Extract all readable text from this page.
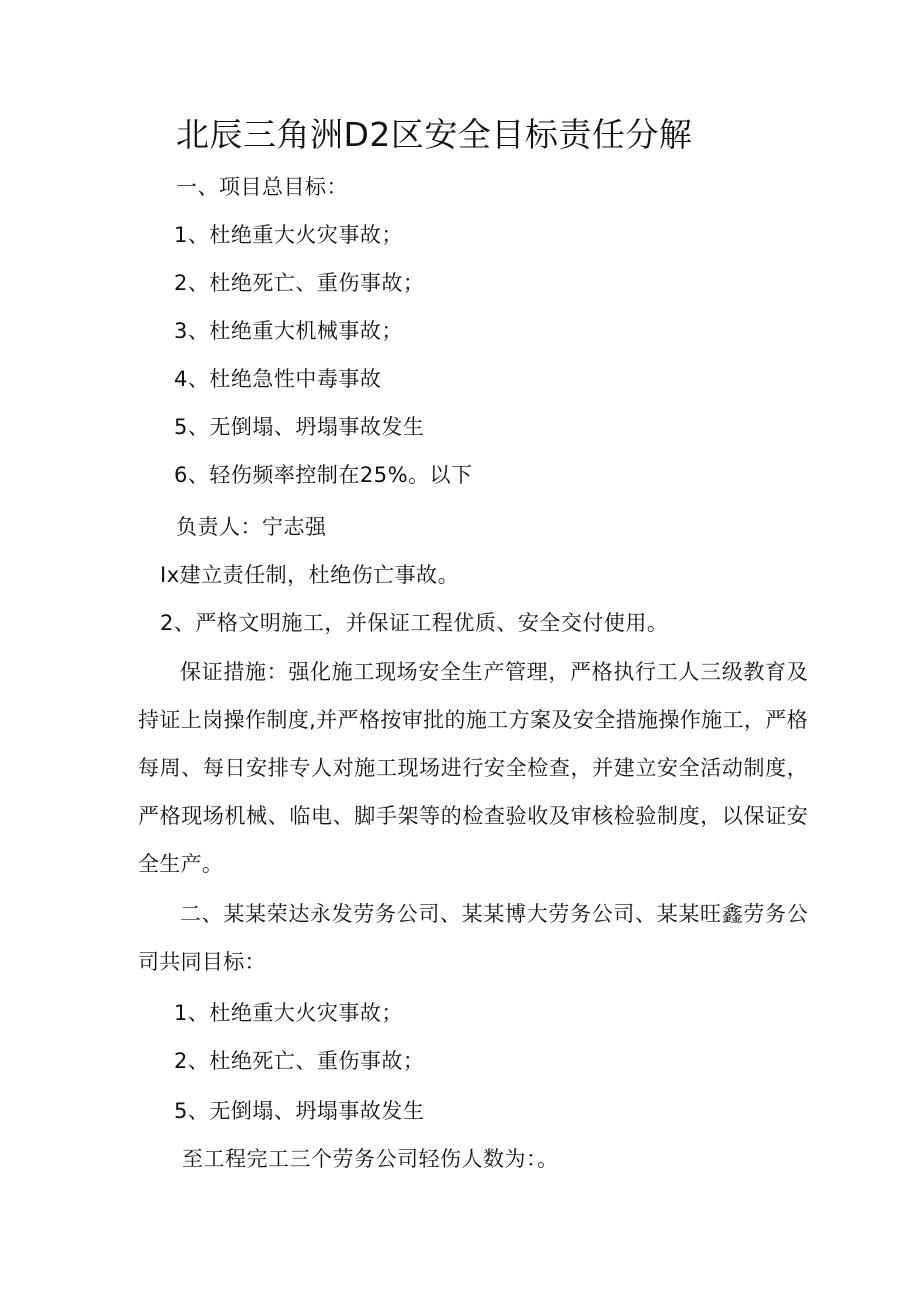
北辰三角洲D2区安全目标责任分解
一、项目总目标：
1、杜绝重大火灾事故；
2、杜绝死亡、重伤事故；
3、杜绝重大机械事故；
4、杜绝急性中毒事故
5、无倒塌、坍塌事故发生
6、轻伤频率控制在25%。以下
负责人：宁志强
Ix建立责任制，杜绝伤亡事故。
2、严格文明施工，并保证工程优质、安全交付使用。
保证措施：强化施工现场安全生产管理，严格执行工人三级教育及持证上岗操作制度,并严格按审批的施工方案及安全措施操作施工，严格每周、每日安排专人对施工现场进行安全检查，并建立安全活动制度，严格现场机械、临电、脚手架等的检查验收及审核检验制度，以保证安全生产。
二、某某荣达永发劳务公司、某某博大劳务公司、某某旺鑫劳务公司共同目标：
1、杜绝重大火灾事故；
2、杜绝死亡、重伤事故；
5、无倒塌、坍塌事故发生
至工程完工三个劳务公司轻伤人数为：。
